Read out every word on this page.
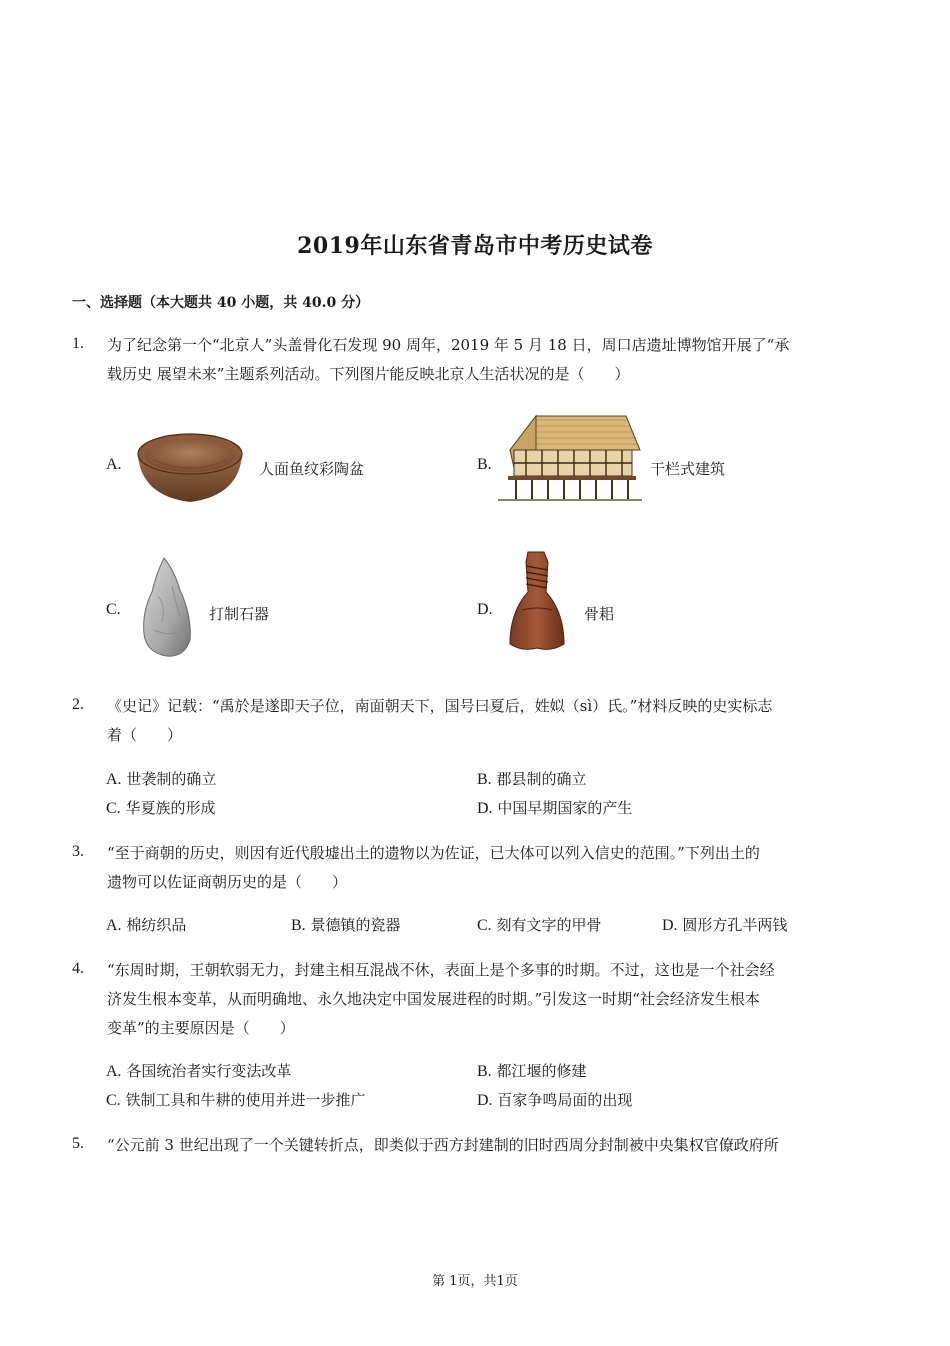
2019年山东省青岛市中考历史试卷
一、选择题（本大题共 40 小题，共 40.0 分）
1. 为了纪念第一个“北京人”头盖骨化石发现 90 周年，2019 年 5 月 18 日，周口店遗址博物馆开展了“承
载历史 展望未来”主题系列活动。下列图片能反映北京人生活状况的是（　　）
A.	人面鱼纹彩陶盆	B.	干栏式建筑
C.	打制石器	D.	骨耜
2. 《史记》记载：“禹於是遂即天子位，南面朝天下，国号曰夏后，姓姒（sì）氏。”材料反映的史实标志
着（　　）
A. 世袭制的确立	B. 郡县制的确立
C. 华夏族的形成	D. 中国早期国家的产生
3. “至于商朝的历史，则因有近代殷墟出土的遗物以为佐证，已大体可以列入信史的范围。”下列出土的
遗物可以佐证商朝历史的是（　　）
A. 棉纺织品	B. 景德镇的瓷器	C. 刻有文字的甲骨	D. 圆形方孔半两钱
4. “东周时期，王朝软弱无力，封建主相互混战不休，表面上是个多事的时期。不过，这也是一个社会经
济发生根本变革，从而明确地、永久地决定中国发展进程的时期。”引发这一时期“社会经济发生根本
变革”的主要原因是（　　）
A. 各国统治者实行变法改革	B. 都江堰的修建
C. 铁制工具和牛耕的使用并进一步推广	D. 百家争鸣局面的出现
5. “公元前 3 世纪出现了一个关键转折点，即类似于西方封建制的旧时西周分封制被中央集权官僚政府所
第 1页，共1页
